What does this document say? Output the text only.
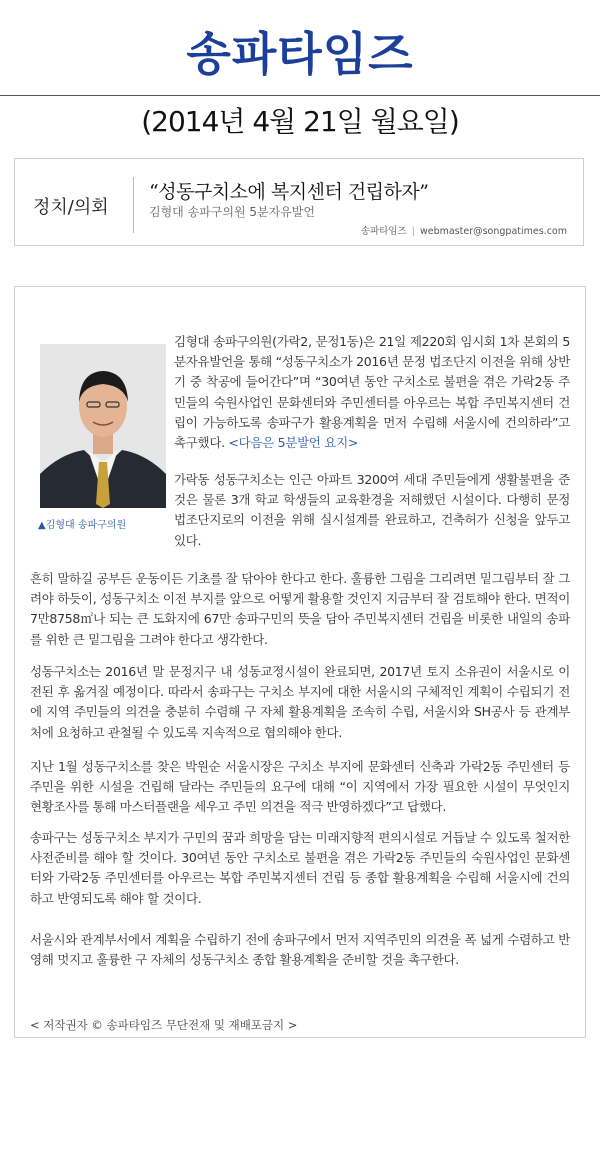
송파타임즈
(2014년 4월 21일 월요일)
정치/의회
“성동구치소에 복지센터 건립하자”
김형대 송파구의원 5분자유발언
송파타임즈 | webmaster@songpatimes.com
▲김형대 송파구의원
김형대 송파구의원(가락2, 문정1동)은 21일 제220회 임시회 1차 본회의 5분자유발언을 통해 “성동구치소가 2016년 문정 법조단지 이전을 위해 상반기 중 착공에 들어간다”며 “30여년 동안 구치소로 불편을 겪은 가락2동 주민들의 숙원사업인 문화센터와 주민센터를 아우르는 복합 주민복지센터 건립이 가능하도록 송파구가 활용계획을 먼저 수립해 서울시에 건의하라”고 촉구했다. <다음은 5분발언 요지>
가락동 성동구치소는 인근 아파트 3200여 세대 주민들에게 생활불편을 준 것은 물론 3개 학교 학생들의 교육환경을 저해했던 시설이다. 다행히 문정 법조단지로의 이전을 위해 실시설계를 완료하고, 건축허가 신청을 앞두고 있다.
흔히 말하길 공부든 운동이든 기초를 잘 닦아야 한다고 한다. 훌륭한 그림을 그리려면 밑그림부터 잘 그려야 하듯이, 성동구치소 이전 부지를 앞으로 어떻게 활용할 것인지 지금부터 잘 검토해야 한다. 면적이 7만8758㎡나 되는 큰 도화지에 67만 송파구민의 뜻을 담아 주민복지센터 건립을 비롯한 내일의 송파를 위한 큰 밑그림을 그려야 한다고 생각한다.
성동구치소는 2016년 말 문정지구 내 성동교정시설이 완료되면, 2017년 토지 소유권이 서울시로 이전된 후 옮겨질 예정이다. 따라서 송파구는 구치소 부지에 대한 서울시의 구체적인 계획이 수립되기 전에 지역 주민들의 의견을 충분히 수렴해 구 자체 활용계획을 조속히 수립, 서울시와 SH공사 등 관계부처에 요청하고 관철될 수 있도록 지속적으로 협의해야 한다.
지난 1월 성동구치소를 찾은 박원순 서울시장은 구치소 부지에 문화센터 신축과 가락2동 주민센터 등 주민을 위한 시설을 건립해 달라는 주민들의 요구에 대해 “이 지역에서 가장 필요한 시설이 무엇인지 현황조사를 통해 마스터플랜을 세우고 주민 의견을 적극 반영하겠다”고 답했다.
송파구는 성동구치소 부지가 구민의 꿈과 희망을 담는 미래지향적 편의시설로 거듭날 수 있도록 철저한 사전준비를 해야 할 것이다. 30여년 동안 구치소로 불편을 겪은 가락2동 주민들의 숙원사업인 문화센터와 가락2동 주민센터를 아우르는 복합 주민복지센터 건립 등 종합 활용계획을 수립해 서울시에 건의하고 반영되도록 해야 할 것이다.
서울시와 관계부서에서 계획을 수립하기 전에 송파구에서 먼저 지역주민의 의견을 폭 넓게 수렴하고 반영해 멋지고 훌륭한 구 자체의 성동구치소 종합 활용계획을 준비할 것을 촉구한다.
< 저작권자 © 송파타임즈 무단전재 및 재배포금지 >
